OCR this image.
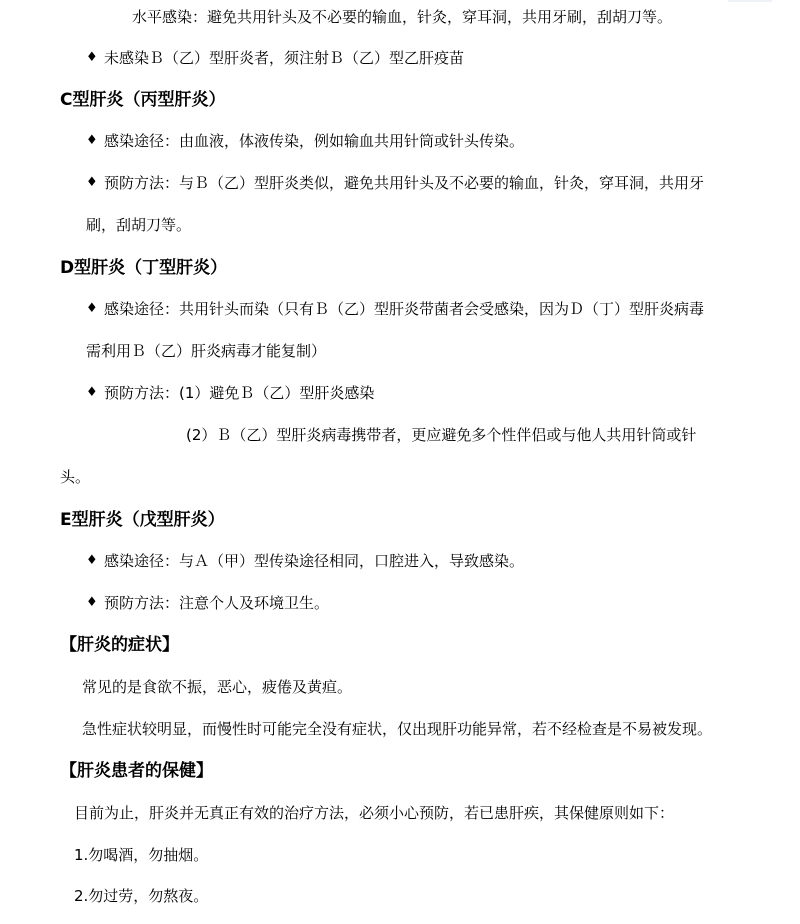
水平感染：避免共用针头及不必要的输血，针灸，穿耳洞，共用牙刷，刮胡刀等。
♦ 未感染Ｂ（乙）型肝炎者，须注射Ｂ（乙）型乙肝疫苗
C型肝炎（丙型肝炎）
♦ 感染途径：由血液，体液传染，例如输血共用针筒或针头传染。
♦ 预防方法：与Ｂ（乙）型肝炎类似，避免共用针头及不必要的输血，针灸，穿耳洞，共用牙
刷，刮胡刀等。
D型肝炎（丁型肝炎）
♦ 感染途径：共用针头而染（只有Ｂ（乙）型肝炎带菌者会受感染，因为Ｄ（丁）型肝炎病毒
需利用Ｂ（乙）肝炎病毒才能复制）
♦ 预防方法：(1）避免Ｂ（乙）型肝炎感染
(2）Ｂ（乙）型肝炎病毒携带者，更应避免多个性伴侣或与他人共用针筒或针
头。
E型肝炎（戊型肝炎）
♦ 感染途径：与Ａ（甲）型传染途径相同，口腔进入，导致感染。
♦ 预防方法：注意个人及环境卫生。
【肝炎的症状】
常见的是食欲不振，恶心，疲倦及黄疸。
急性症状较明显，而慢性时可能完全没有症状，仅出现肝功能异常，若不经检查是不易被发现。
【肝炎患者的保健】
目前为止，肝炎并无真正有效的治疗方法，必须小心预防，若已患肝疾，其保健原则如下：
1.勿喝酒，勿抽烟。
2.勿过劳，勿熬夜。
